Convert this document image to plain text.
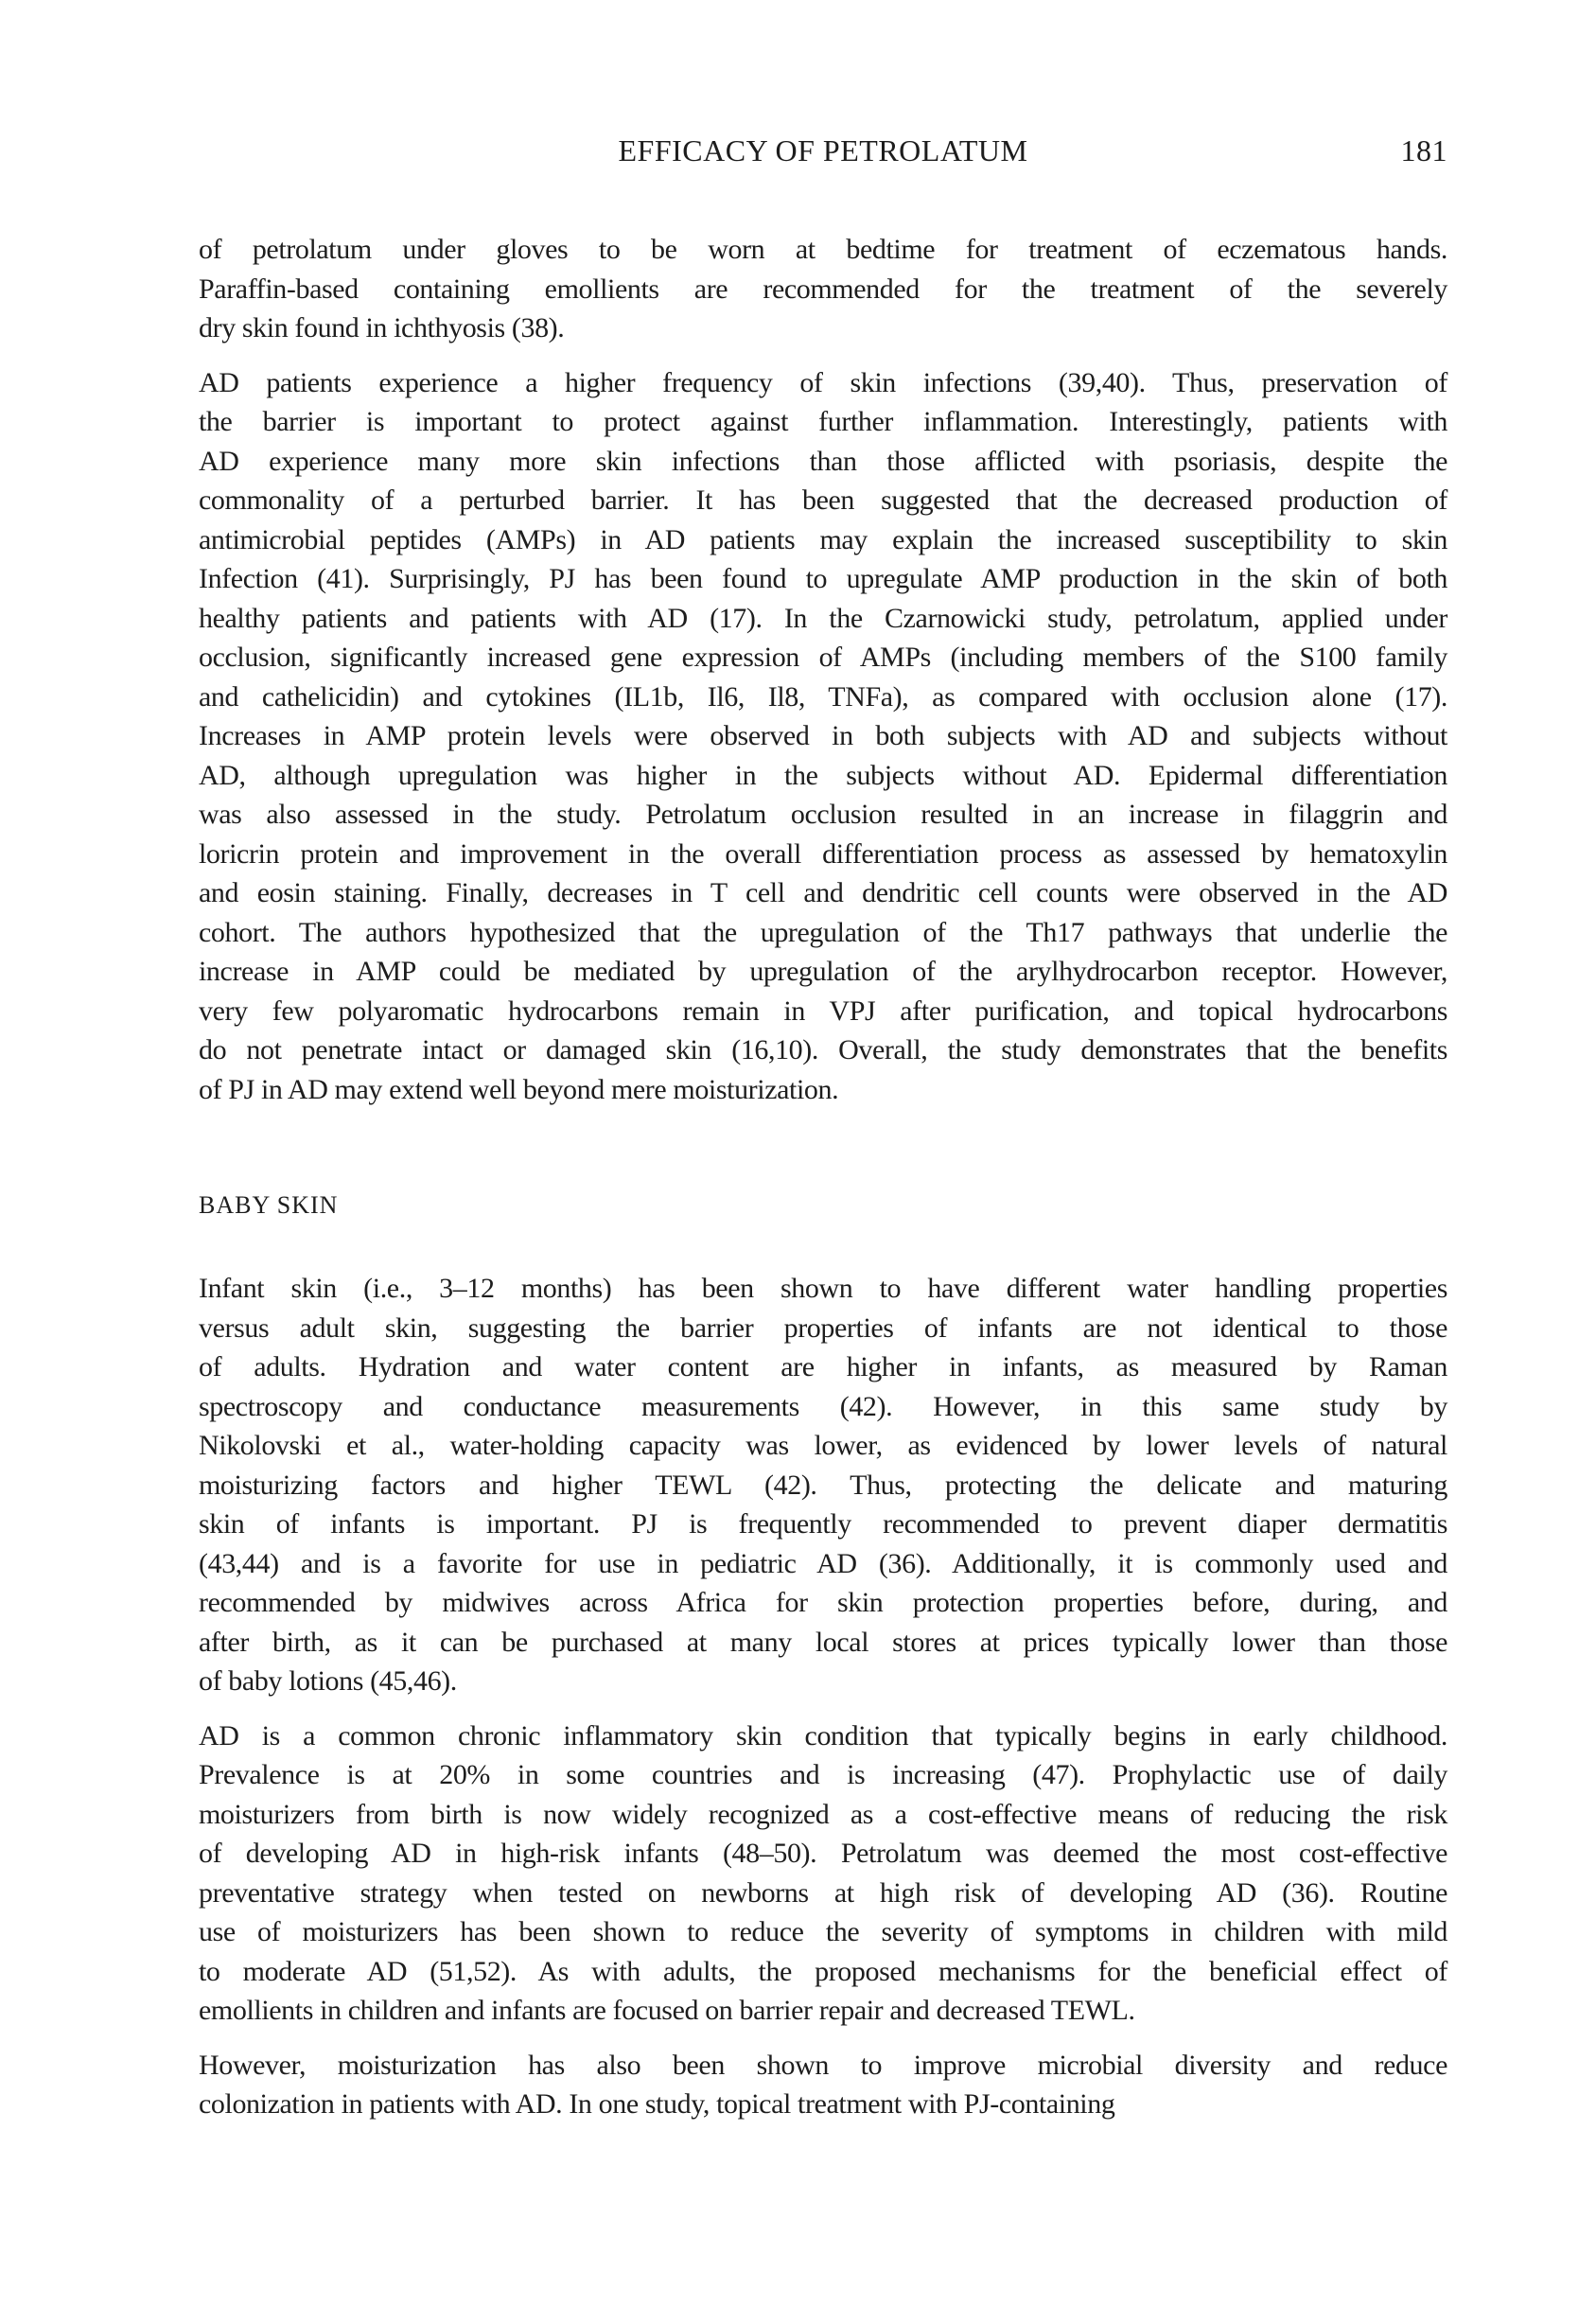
EFFICACY OF PETROLATUM	181
of petrolatum under gloves to be worn at bedtime for treatment of eczematous hands.
Paraffin-based containing emollients are recommended for the treatment of the severely
dry skin found in ichthyosis (38).
AD patients experience a higher frequency of skin infections (39,40). Thus, preservation of
the barrier is important to protect against further inflammation. Interestingly, patients with
AD experience many more skin infections than those afflicted with psoriasis, despite the
commonality of a perturbed barrier. It has been suggested that the decreased production of
antimicrobial peptides (AMPs) in AD patients may explain the increased susceptibility to skin
Infection (41). Surprisingly, PJ has been found to upregulate AMP production in the skin of both
healthy patients and patients with AD (17). In the Czarnowicki study, petrolatum, applied under
occlusion, significantly increased gene expression of AMPs (including members of the S100 family
and cathelicidin) and cytokines (IL1b, Il6, Il8, TNFa), as compared with occlusion alone (17).
Increases in AMP protein levels were observed in both subjects with AD and subjects without
AD, although upregulation was higher in the subjects without AD. Epidermal differentiation
was also assessed in the study. Petrolatum occlusion resulted in an increase in filaggrin and
loricrin protein and improvement in the overall differentiation process as assessed by hematoxylin
and eosin staining. Finally, decreases in T cell and dendritic cell counts were observed in the AD
cohort. The authors hypothesized that the upregulation of the Th17 pathways that underlie the
increase in AMP could be mediated by upregulation of the arylhydrocarbon receptor. However,
very few polyaromatic hydrocarbons remain in VPJ after purification, and topical hydrocarbons
do not penetrate intact or damaged skin (16,10). Overall, the study demonstrates that the benefits
of PJ in AD may extend well beyond mere moisturization.
BABY SKIN
Infant skin (i.e., 3–12 months) has been shown to have different water handling properties
versus adult skin, suggesting the barrier properties of infants are not identical to those
of adults. Hydration and water content are higher in infants, as measured by Raman
spectroscopy and conductance measurements (42). However, in this same study by
Nikolovski et al., water-holding capacity was lower, as evidenced by lower levels of natural
moisturizing factors and higher TEWL (42). Thus, protecting the delicate and maturing
skin of infants is important. PJ is frequently recommended to prevent diaper dermatitis
(43,44) and is a favorite for use in pediatric AD (36). Additionally, it is commonly used and
recommended by midwives across Africa for skin protection properties before, during, and
after birth, as it can be purchased at many local stores at prices typically lower than those
of baby lotions (45,46).
AD is a common chronic inflammatory skin condition that typically begins in early childhood.
Prevalence is at 20% in some countries and is increasing (47). Prophylactic use of daily
moisturizers from birth is now widely recognized as a cost-effective means of reducing the risk
of developing AD in high-risk infants (48–50). Petrolatum was deemed the most cost-effective
preventative strategy when tested on newborns at high risk of developing AD (36). Routine
use of moisturizers has been shown to reduce the severity of symptoms in children with mild
to moderate AD (51,52). As with adults, the proposed mechanisms for the beneficial effect of
emollients in children and infants are focused on barrier repair and decreased TEWL.
However, moisturization has also been shown to improve microbial diversity and reduce
colonization in patients with AD. In one study, topical treatment with PJ-containing
